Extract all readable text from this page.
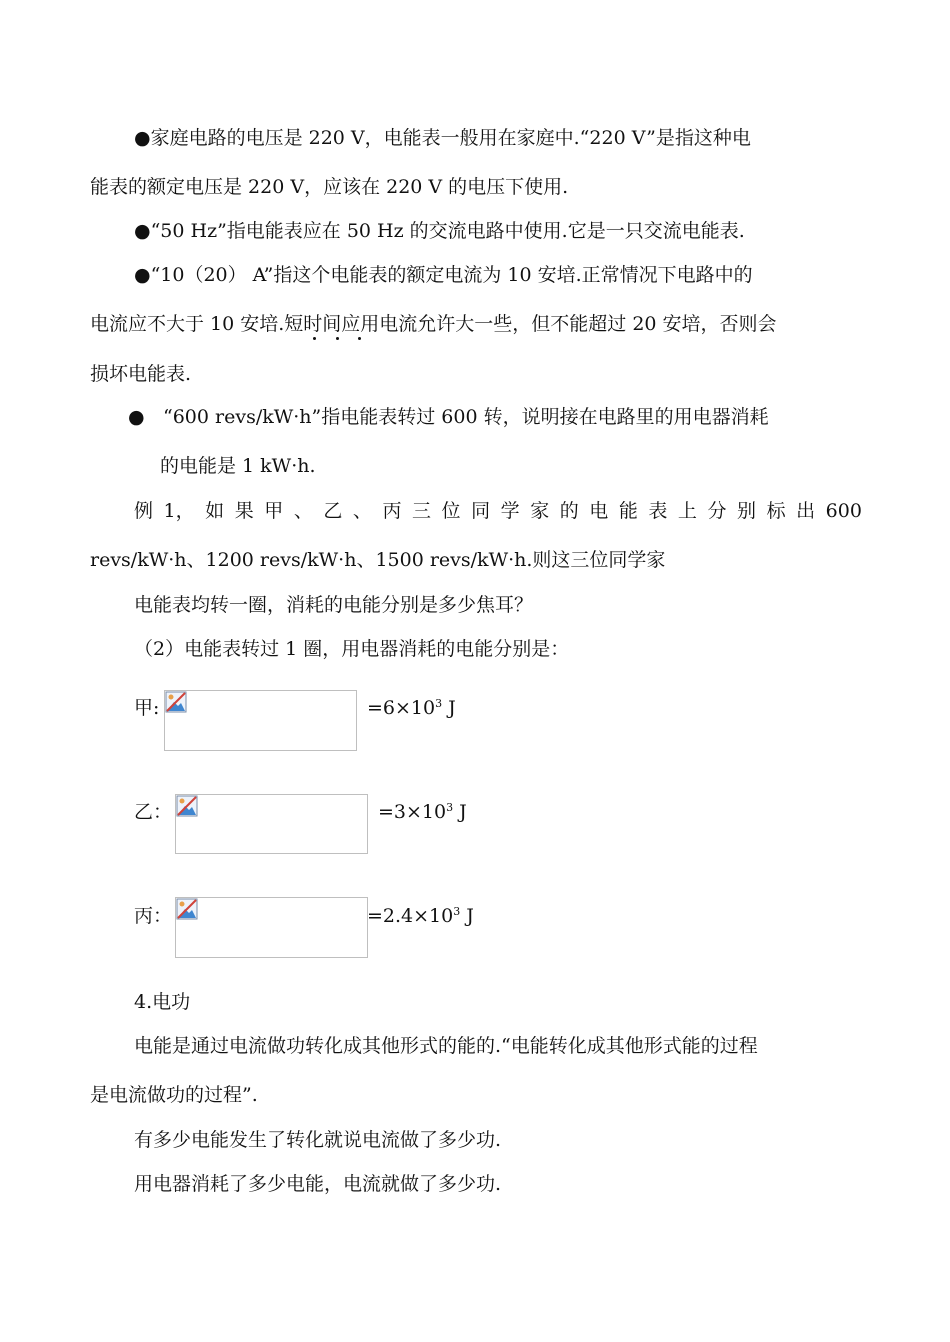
●家庭电路的电压是 220 V，电能表一般用在家庭中.“220 V”是指这种电
能表的额定电压是 220 V，应该在 220 V 的电压下使用.
●“50 Hz”指电能表应在 50 Hz 的交流电路中使用.它是一只交流电能表.
●“10（20） A”指这个电能表的额定电流为 10 安培.正常情况下电路中的
电流应不大于 10 安培.短时间应用电流允许大一些，但不能超过 20 安培，否则会
损坏电能表.
● “600 revs/kW·h”指电能表转过 600 转，说明接在电路里的用电器消耗
的电能是 1 kW·h.
例 1， 如 果 甲 、 乙 、 丙 三 位 同 学 家 的 电 能 表 上 分 别 标 出 600
revs/kW·h、1200 revs/kW·h、1500 revs/kW·h.则这三位同学家
电能表均转一圈，消耗的电能分别是多少焦耳？
（2）电能表转过 1 圈，用电器消耗的电能分别是：
甲:	$=6\times 10^3$ J
乙：	$=3\times 10^3$ J
丙：	$=2.4\times 10^3$ J
4.电功
电能是通过电流做功转化成其他形式的能的.“电能转化成其他形式能的过程
是电流做功的过程”.
有多少电能发生了转化就说电流做了多少功.
用电器消耗了多少电能，电流就做了多少功.
